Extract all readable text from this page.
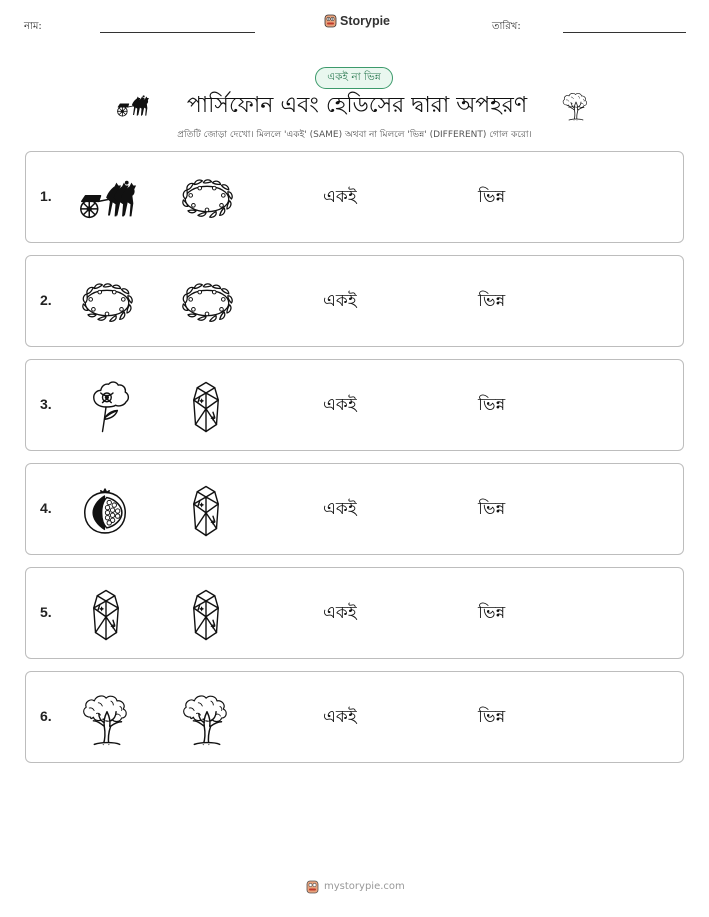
নাম:	Storypie	তারিখ:
একই না ভিন্ন
পার্সিফোন এবং হেডিসের দ্বারা অপহরণ
প্রতিটি জোড়া দেখো। মিললে 'একই' (SAME) অথবা না মিললে 'ভিন্ন' (DIFFERENT) গোল করো।
1.	একই	ভিন্ন
2.	একই	ভিন্ন
3.	একই	ভিন্ন
4.	একই	ভিন্ন
5.	একই	ভিন্ন
6.	একই	ভিন্ন
mystorypie.com
